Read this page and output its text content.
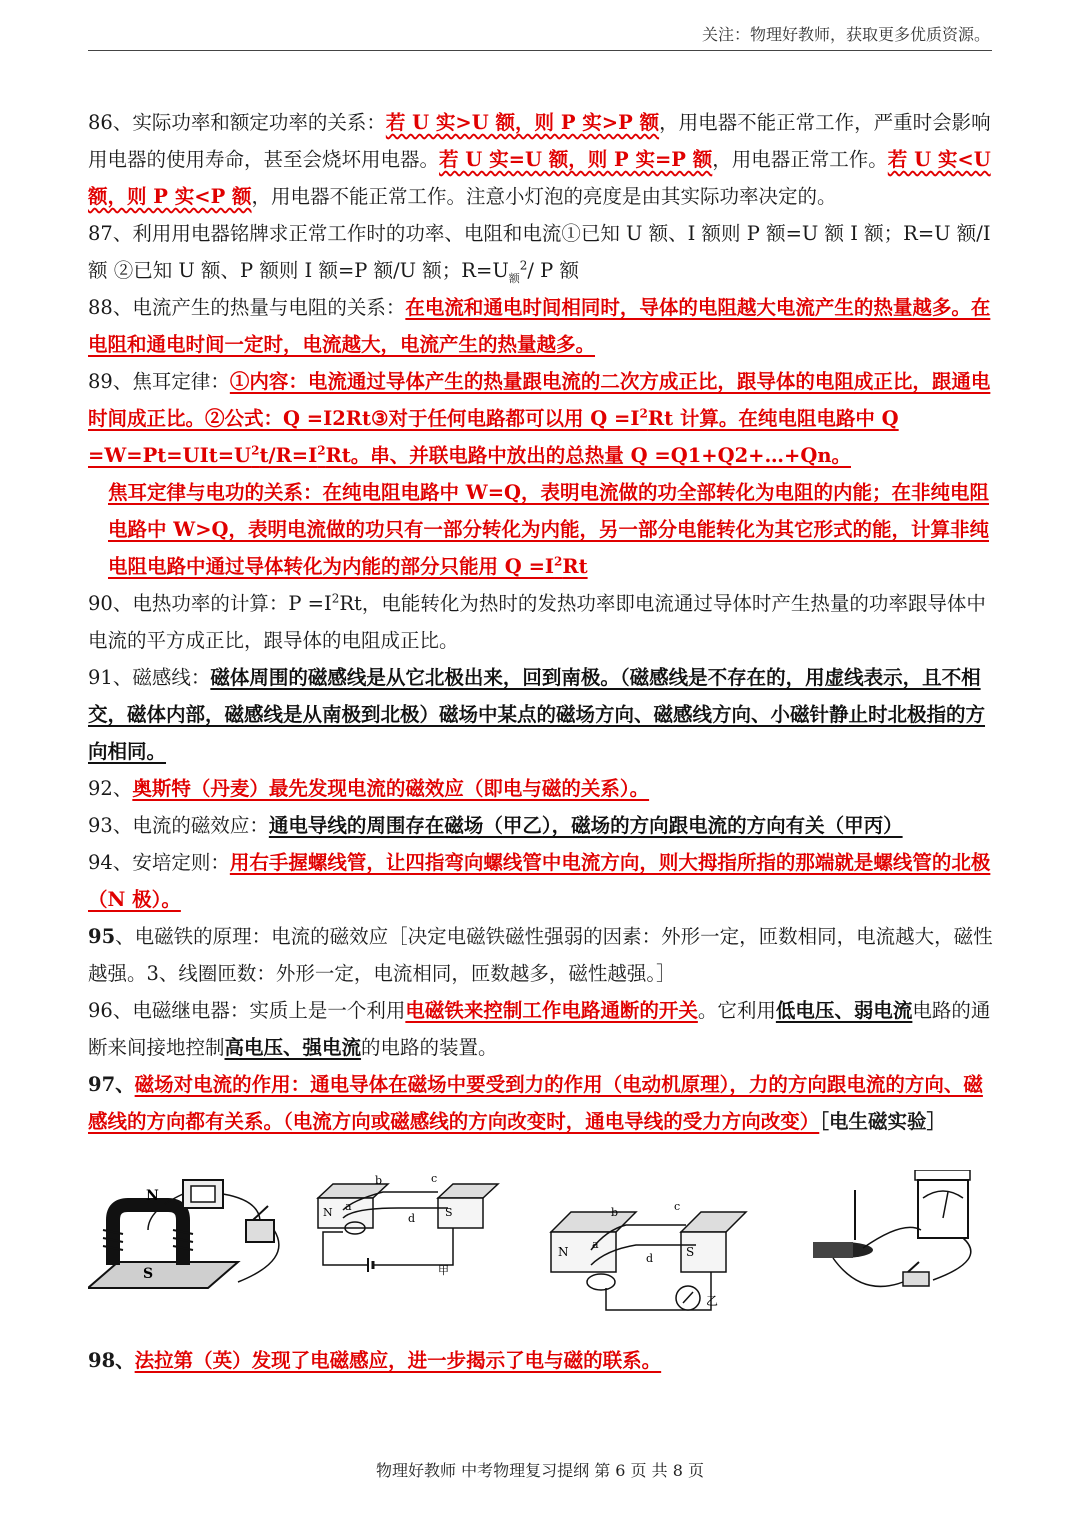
关注：物理好教师，获取更多优质资源。

86、实际功率和额定功率的关系：若 U 实>U 额，则 P 实>P 额，用电器不能正常工作，严重时会影响用电器的使用寿命，甚至会烧坏用电器。若 U 实=U 额，则 P 实=P 额，用电器正常工作。若 U 实<U 额，则 P 实<P 额，用电器不能正常工作。注意小灯泡的亮度是由其实际功率决定的。

87、利用用电器铭牌求正常工作时的功率、电阻和电流①已知 U 额、I 额则 P 额=U 额 I 额；R=U 额/I 额 ②已知 U 额、P 额则 I 额=P 额/U 额；$R=U_额^2/$ P 额

88、电流产生的热量与电阻的关系：在电流和通电时间相同时，导体的电阻越大电流产生的热量越多。在电阻和通电时间一定时，电流越大，电流产生的热量越多。

89、焦耳定律：①内容：电流通过导体产生的热量跟电流的二次方成正比，跟导体的电阻成正比，跟通电时间成正比。②公式：Q =I2Rt③对于任何电路都可以用 $Q =I^2Rt$ 计算。在纯电阻电路中 $Q =W=Pt=UIt=U^2t/R=I^2Rt$。串、并联电路中放出的总热量 Q =Q1+Q2+…+Qn。

焦耳定律与电功的关系：在纯电阻电路中 W=Q，表明电流做的功全部转化为电阻的内能；在非纯电阻电路中 W>Q，表明电流做的功只有一部分转化为内能，另一部分电能转化为其它形式的能，计算非纯电阻电路中通过导体转化为内能的部分只能用 $Q =I^2Rt$

90、电热功率的计算：$P =I^2Rt$，电能转化为热时的发热功率即电流通过导体时产生热量的功率跟导体中电流的平方成正比，跟导体的电阻成正比。

91、磁感线：磁体周围的磁感线是从它北极出来，回到南极。（磁感线是不存在的，用虚线表示，且不相交，磁体内部，磁感线是从南极到北极）磁场中某点的磁场方向、磁感线方向、小磁针静止时北极指的方向相同。

92、奥斯特（丹麦）最先发现电流的磁效应（即电与磁的关系）。

93、电流的磁效应：通电导线的周围存在磁场（甲乙），磁场的方向跟电流的方向有关（甲丙）

94、安培定则：用右手握螺线管，让四指弯向螺线管中电流方向，则大拇指所指的那端就是螺线管的北极（N 极）。

95、电磁铁的原理：电流的磁效应［决定电磁铁磁性强弱的因素：外形一定，匝数相同，电流越大，磁性越强。3、线圈匝数：外形一定，电流相同，匝数越多，磁性越强。］

96、电磁继电器：实质上是一个利用电磁铁来控制工作电路通断的开关。它利用低电压、弱电流电路的通断来间接地控制高电压、强电流的电路的装置。

97、磁场对电流的作用：通电导体在磁场中要受到力的作用（电动机原理），力的方向跟电流的方向、磁感线的方向都有关系。（电流方向或磁感线的方向改变时，通电导线的受力方向改变）［电生磁实验］

N
S
N	S
a
b	c
d
甲
N	S
a
b	c
d
乙

98、法拉第（英）发现了电磁感应，进一步揭示了电与磁的联系。

物理好教师 中考物理复习提纲 第 6 页 共 8 页
